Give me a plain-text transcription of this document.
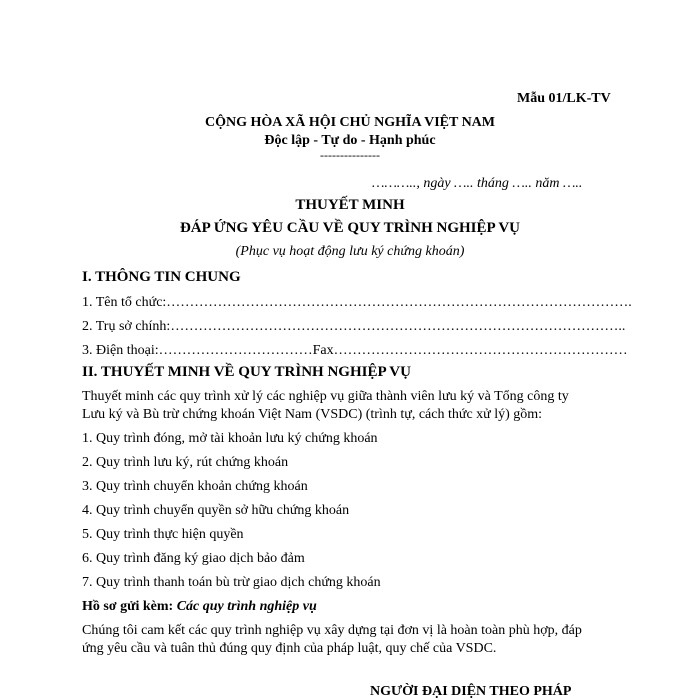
Mẫu 01/LK-TV
CỘNG HÒA XÃ HỘI CHỦ NGHĨA VIỆT NAM
Độc lập - Tự do - Hạnh phúc
---------------
……….., ngày ….. tháng ….. năm …..
THUYẾT MINH
ĐÁP ỨNG YÊU CẦU VỀ QUY TRÌNH NGHIỆP VỤ
(Phục vụ hoạt động lưu ký chứng khoán)
I. THÔNG TIN CHUNG
1. Tên tổ chức:……………………………………………………………………………………….
2. Trụ sở chính:……………………………………………………………………………………..
3. Điện thoại:……………………………Fax………………………………………………………
II. THUYẾT MINH VỀ QUY TRÌNH NGHIỆP VỤ
Thuyết minh các quy trình xử lý các nghiệp vụ giữa thành viên lưu ký và Tổng công ty
Lưu ký và Bù trừ chứng khoán Việt Nam (VSDC) (trình tự, cách thức xử lý) gồm:
1. Quy trình đóng, mở tài khoản lưu ký chứng khoán
2. Quy trình lưu ký, rút chứng khoán
3. Quy trình chuyển khoản chứng khoán
4. Quy trình chuyển quyền sở hữu chứng khoán
5. Quy trình thực hiện quyền
6. Quy trình đăng ký giao dịch bảo đảm
7. Quy trình thanh toán bù trừ giao dịch chứng khoán
Hồ sơ gửi kèm: Các quy trình nghiệp vụ
Chúng tôi cam kết các quy trình nghiệp vụ xây dựng tại đơn vị là hoàn toàn phù hợp, đáp
ứng yêu cầu và tuân thủ đúng quy định của pháp luật, quy chế của VSDC.
NGƯỜI ĐẠI DIỆN THEO PHÁP
